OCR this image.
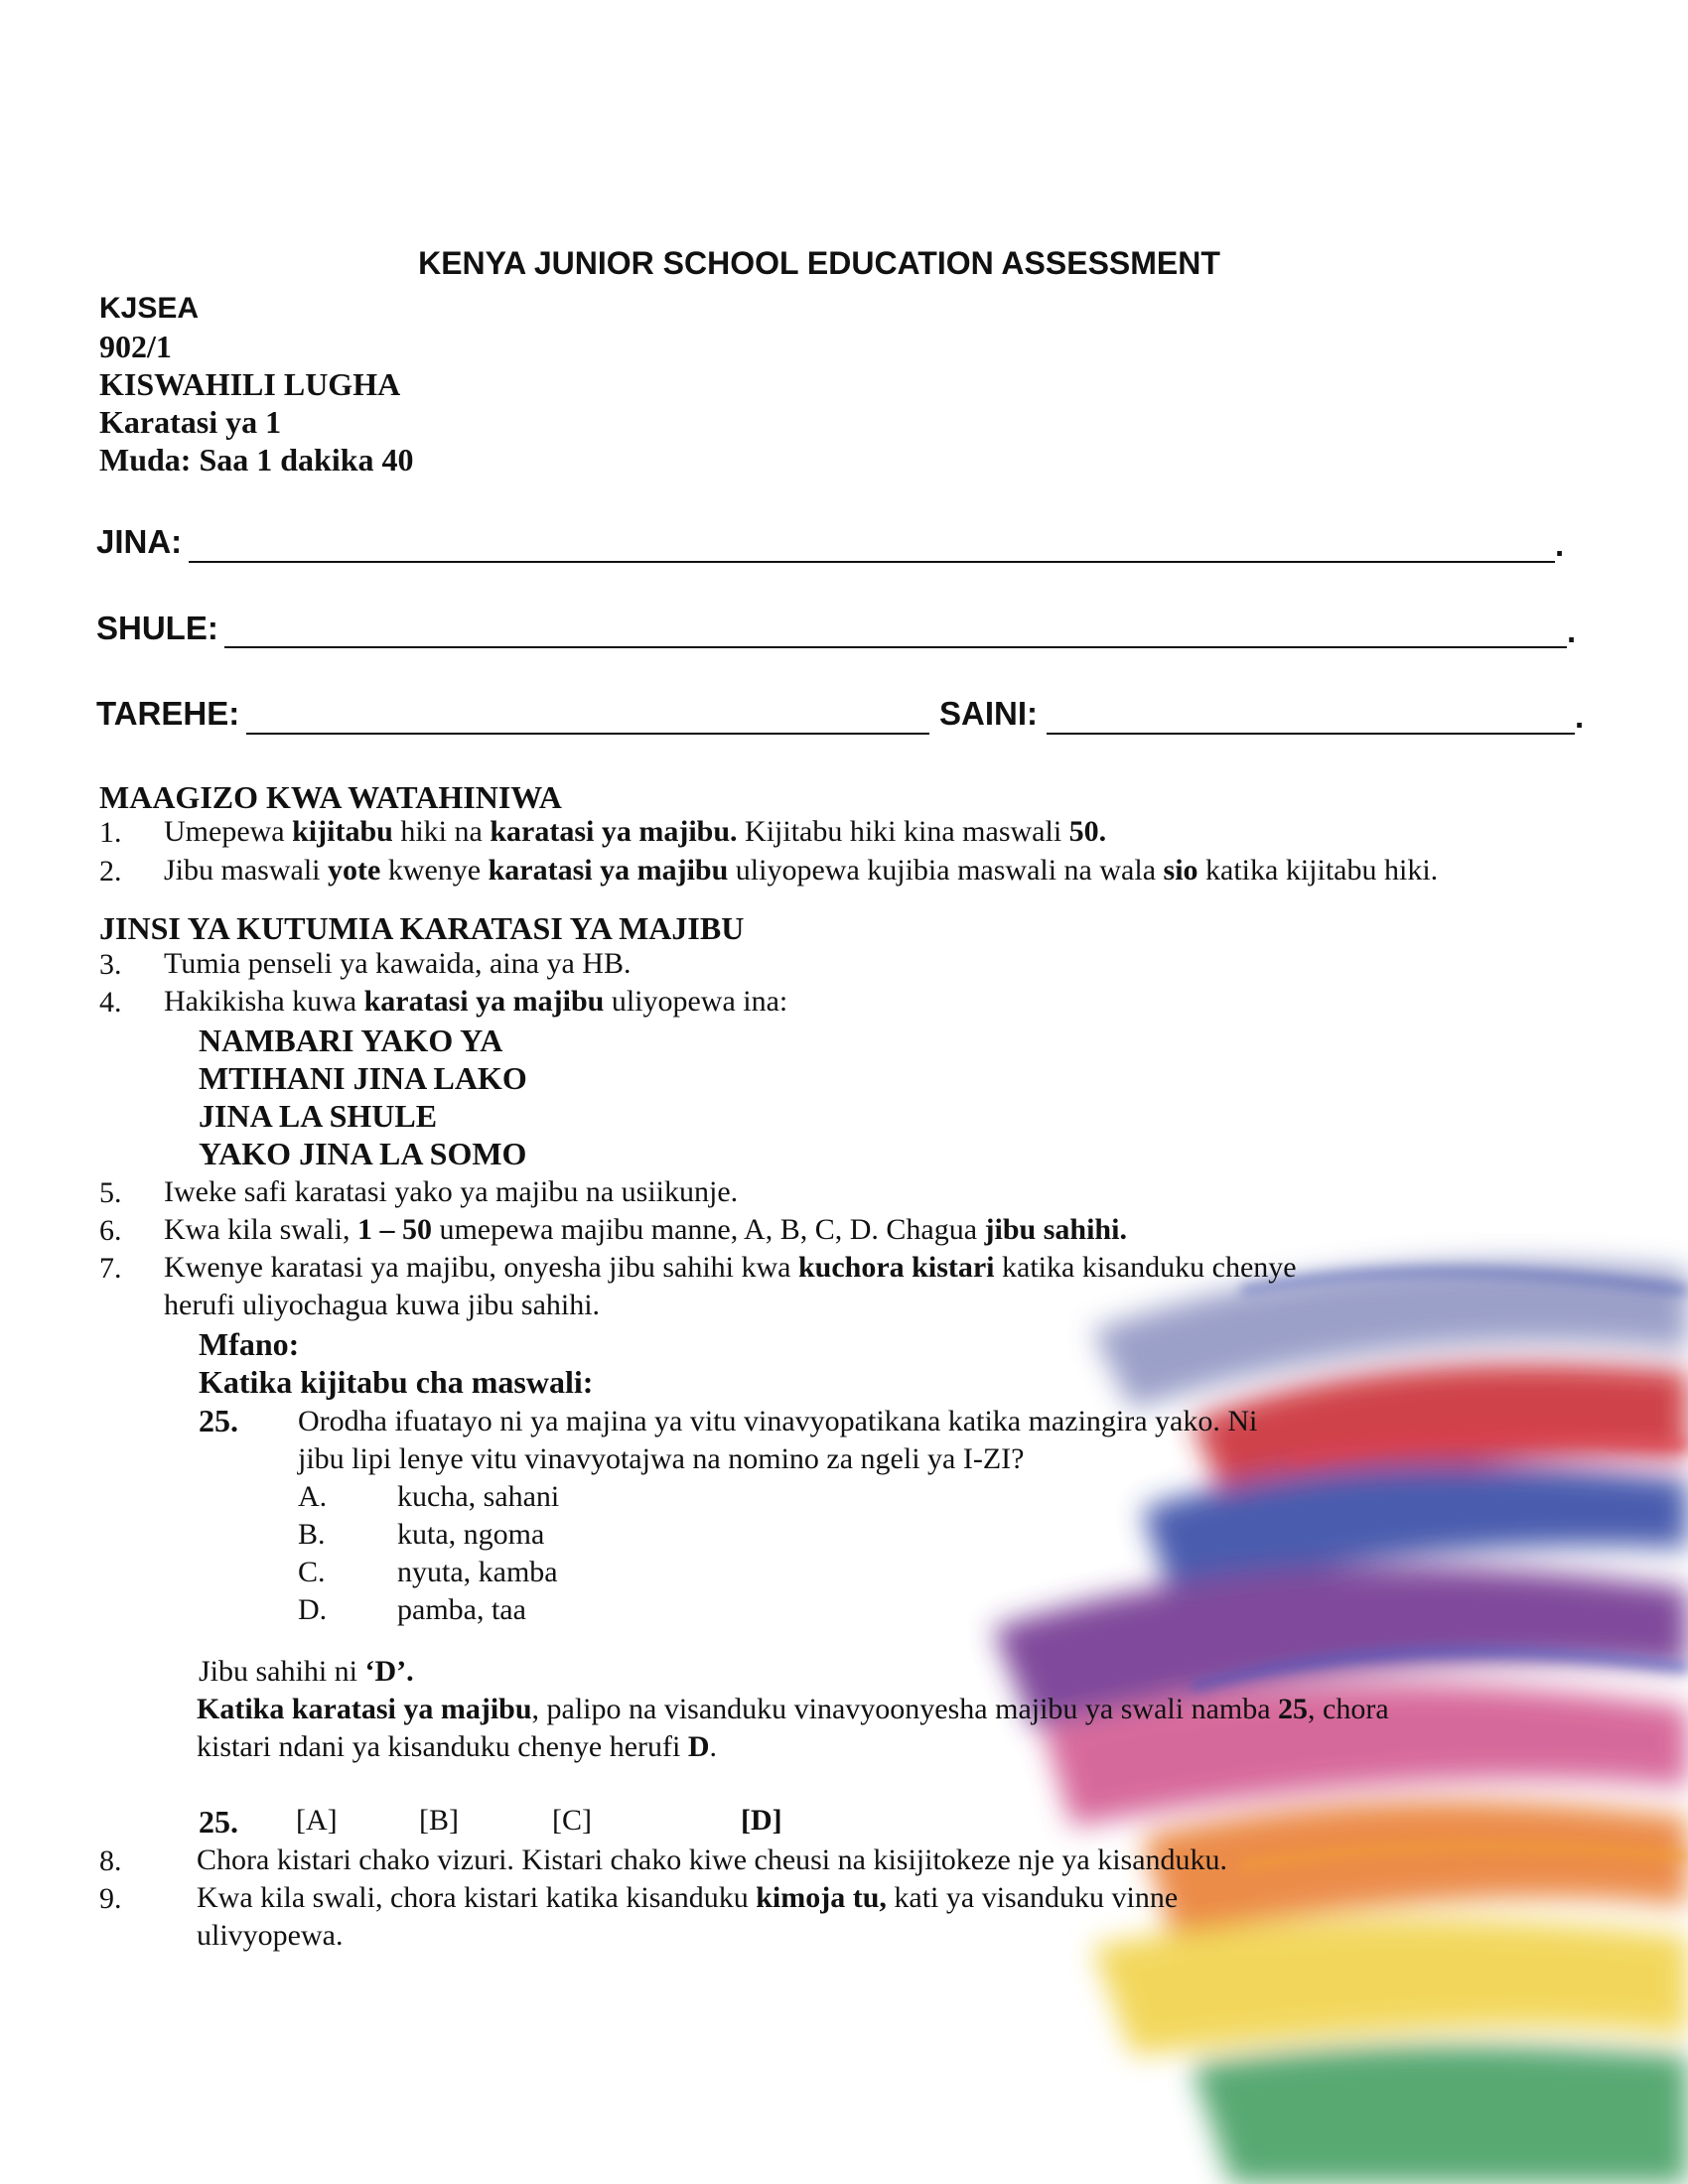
KENYA JUNIOR SCHOOL EDUCATION ASSESSMENT
KJSEA
902/1
KISWAHILI LUGHA
Karatasi ya 1
Muda: Saa 1 dakika 40
JINA:	.
SHULE:	.
TAREHE:	SAINI:	.
MAAGIZO KWA WATAHINIWA
1. Umepewa kijitabu hiki na karatasi ya majibu. Kijitabu hiki kina maswali 50.
2. Jibu maswali yote kwenye karatasi ya majibu uliyopewa kujibia maswali na wala sio katika kijitabu hiki.
JINSI YA KUTUMIA KARATASI YA MAJIBU
3. Tumia penseli ya kawaida, aina ya HB.
4. Hakikisha kuwa karatasi ya majibu uliyopewa ina:
NAMBARI YAKO YA
MTIHANI JINA LAKO
JINA LA SHULE
YAKO JINA LA SOMO
5. Iweke safi karatasi yako ya majibu na usiikunje.
6. Kwa kila swali, 1 – 50 umepewa majibu manne, A, B, C, D. Chagua jibu sahihi.
7. Kwenye karatasi ya majibu, onyesha jibu sahihi kwa kuchora kistari katika kisanduku chenye
herufi uliyochagua kuwa jibu sahihi.
Mfano:
Katika kijitabu cha maswali:
25. Orodha ifuatayo ni ya majina ya vitu vinavyopatikana katika mazingira yako. Ni
jibu lipi lenye vitu vinavyotajwa na nomino za ngeli ya I-ZI?
A. kucha, sahani
B. kuta, ngoma
C. nyuta, kamba
D. pamba, taa
Jibu sahihi ni ‘D’.
Katika karatasi ya majibu, palipo na visanduku vinavyoonyesha majibu ya swali namba 25, chora
kistari ndani ya kisanduku chenye herufi D.
25. [A]	[B]	[C]	[D]
8.	Chora kistari chako vizuri. Kistari chako kiwe cheusi na kisijitokeze nje ya kisanduku.
9.	Kwa kila swali, chora kistari katika kisanduku kimoja tu, kati ya visanduku vinne
ulivyopewa.
